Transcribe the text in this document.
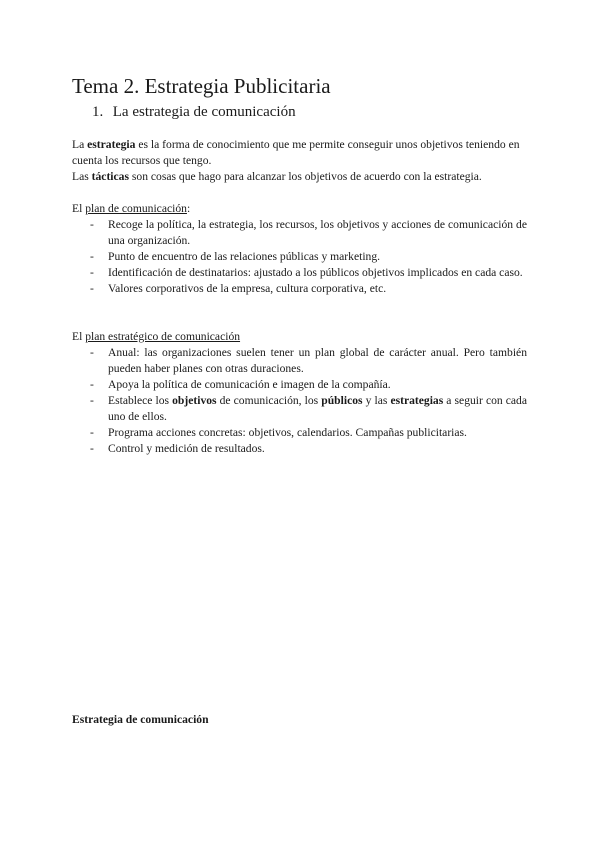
Tema 2. Estrategia Publicitaria
1. La estrategia de comunicación

La estrategia es la forma de conocimiento que me permite conseguir unos objetivos teniendo en cuenta los recursos que tengo.

Las tácticas son cosas que hago para alcanzar los objetivos de acuerdo con la estrategia.

El plan de comunicación:

- Recoge la política, la estrategia, los recursos, los objetivos y acciones de comunicación de una organización.
- Punto de encuentro de las relaciones públicas y marketing.
- Identificación de destinatarios: ajustado a los públicos objetivos implicados en cada caso.
- Valores corporativos de la empresa, cultura corporativa, etc.

El plan estratégico de comunicación

- Anual: las organizaciones suelen tener un plan global de carácter anual. Pero también pueden haber planes con otras duraciones.
- Apoya la política de comunicación e imagen de la compañía.
- Establece los objetivos de comunicación, los públicos y las estrategias a seguir con cada uno de ellos.
- Programa acciones concretas: objetivos, calendarios. Campañas publicitarias.
- Control y medición de resultados.
Estrategia de comunicación
